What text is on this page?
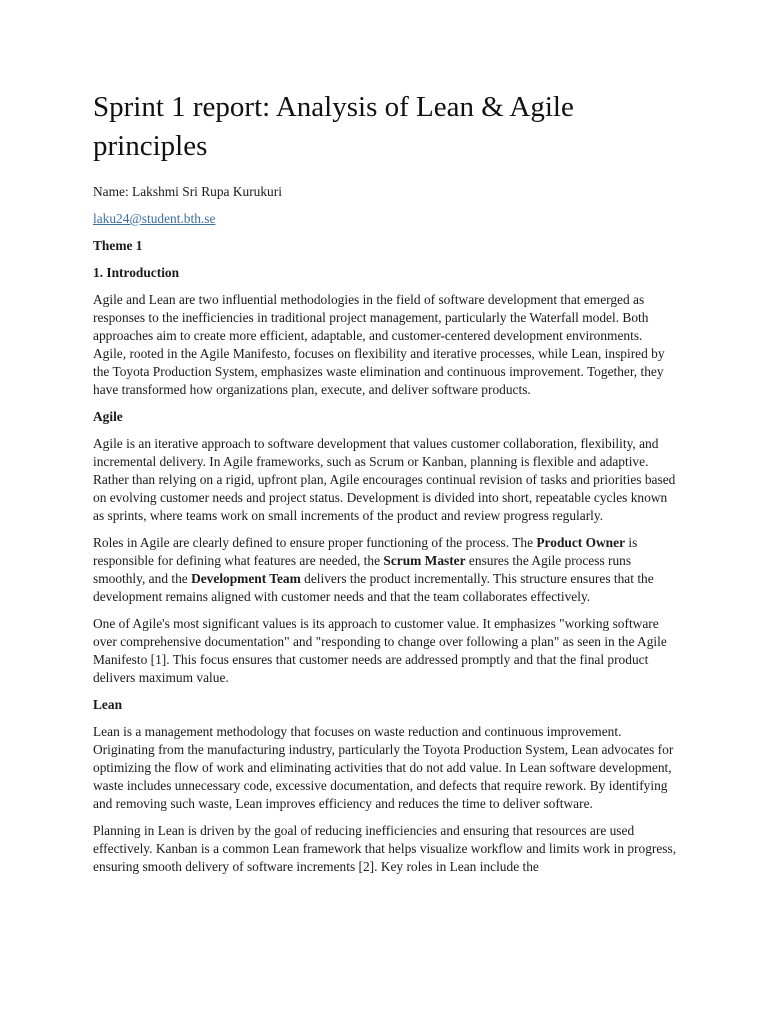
Sprint 1 report: Analysis of Lean & Agile principles

Name: Lakshmi Sri Rupa Kurukuri

laku24@student.bth.se

Theme 1

1. Introduction

Agile and Lean are two influential methodologies in the field of software development that emerged as responses to the inefficiencies in traditional project management, particularly the Waterfall model. Both approaches aim to create more efficient, adaptable, and customer-centered development environments. Agile, rooted in the Agile Manifesto, focuses on flexibility and iterative processes, while Lean, inspired by the Toyota Production System, emphasizes waste elimination and continuous improvement. Together, they have transformed how organizations plan, execute, and deliver software products.

Agile

Agile is an iterative approach to software development that values customer collaboration, flexibility, and incremental delivery. In Agile frameworks, such as Scrum or Kanban, planning is flexible and adaptive. Rather than relying on a rigid, upfront plan, Agile encourages continual revision of tasks and priorities based on evolving customer needs and project status. Development is divided into short, repeatable cycles known as sprints, where teams work on small increments of the product and review progress regularly.

Roles in Agile are clearly defined to ensure proper functioning of the process. The Product Owner is responsible for defining what features are needed, the Scrum Master ensures the Agile process runs smoothly, and the Development Team delivers the product incrementally. This structure ensures that the development remains aligned with customer needs and that the team collaborates effectively.

One of Agile's most significant values is its approach to customer value. It emphasizes "working software over comprehensive documentation" and "responding to change over following a plan" as seen in the Agile Manifesto [1]. This focus ensures that customer needs are addressed promptly and that the final product delivers maximum value.

Lean

Lean is a management methodology that focuses on waste reduction and continuous improvement. Originating from the manufacturing industry, particularly the Toyota Production System, Lean advocates for optimizing the flow of work and eliminating activities that do not add value. In Lean software development, waste includes unnecessary code, excessive documentation, and defects that require rework. By identifying and removing such waste, Lean improves efficiency and reduces the time to deliver software.

Planning in Lean is driven by the goal of reducing inefficiencies and ensuring that resources are used effectively. Kanban is a common Lean framework that helps visualize workflow and limits work in progress, ensuring smooth delivery of software increments [2]. Key roles in Lean include the
